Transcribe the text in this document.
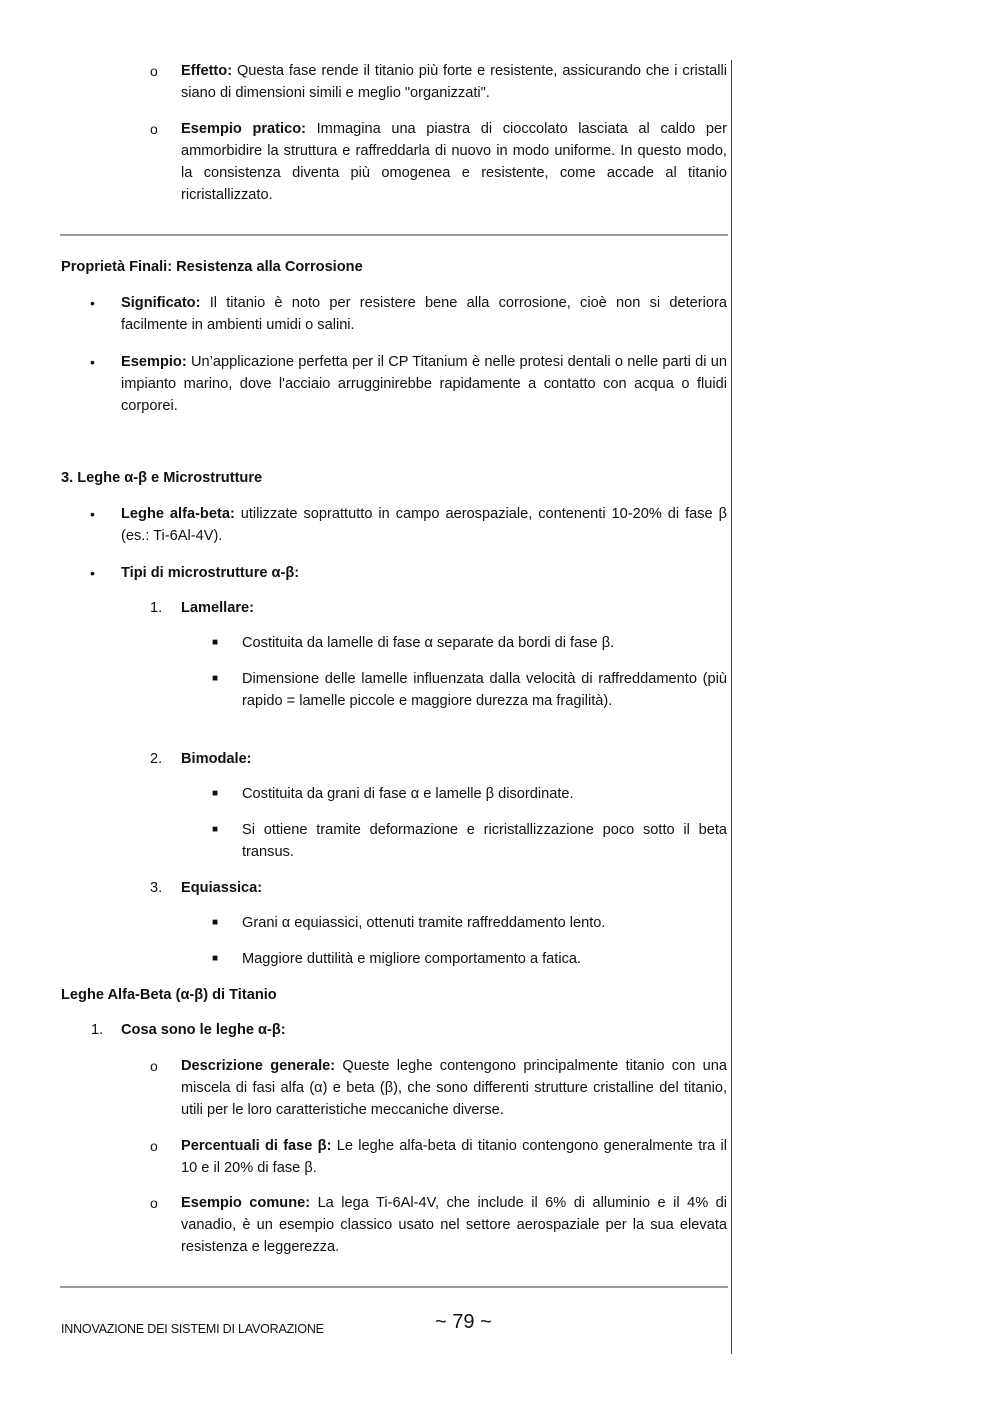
o Effetto: Questa fase rende il titanio più forte e resistente, assicurando che i cristalli siano di dimensioni simili e meglio "organizzati".
o Esempio pratico: Immagina una piastra di cioccolato lasciata al caldo per ammorbidire la struttura e raffreddarla di nuovo in modo uniforme. In questo modo, la consistenza diventa più omogenea e resistente, come accade al titanio ricristallizzato.
Proprietà Finali: Resistenza alla Corrosione
• Significato: Il titanio è noto per resistere bene alla corrosione, cioè non si deteriora facilmente in ambienti umidi o salini.
• Esempio: Un’applicazione perfetta per il CP Titanium è nelle protesi dentali o nelle parti di un impianto marino, dove l'acciaio arrugginirebbe rapidamente a contatto con acqua o fluidi corporei.
3. Leghe α-β e Microstrutture
• Leghe alfa-beta: utilizzate soprattutto in campo aerospaziale, contenenti 10-20% di fase β (es.: Ti-6Al-4V).
• Tipi di microstrutture α-β:
1. Lamellare:
■ Costituita da lamelle di fase α separate da bordi di fase β.
■ Dimensione delle lamelle influenzata dalla velocità di raffreddamento (più rapido = lamelle piccole e maggiore durezza ma fragilità).
2. Bimodale:
■ Costituita da grani di fase α e lamelle β disordinate.
■ Si ottiene tramite deformazione e ricristallizzazione poco sotto il beta transus.
3. Equiassica:
■ Grani α equiassici, ottenuti tramite raffreddamento lento.
■ Maggiore duttilità e migliore comportamento a fatica.
Leghe Alfa-Beta (α-β) di Titanio
1. Cosa sono le leghe α-β:
o Descrizione generale: Queste leghe contengono principalmente titanio con una miscela di fasi alfa (α) e beta (β), che sono differenti strutture cristalline del titanio, utili per le loro caratteristiche meccaniche diverse.
o Percentuali di fase β: Le leghe alfa-beta di titanio contengono generalmente tra il 10 e il 20% di fase β.
o Esempio comune: La lega Ti-6Al-4V, che include il 6% di alluminio e il 4% di vanadio, è un esempio classico usato nel settore aerospaziale per la sua elevata resistenza e leggerezza.
INNOVAZIONE DEI SISTEMI DI LAVORAZIONE	~ 79 ~
